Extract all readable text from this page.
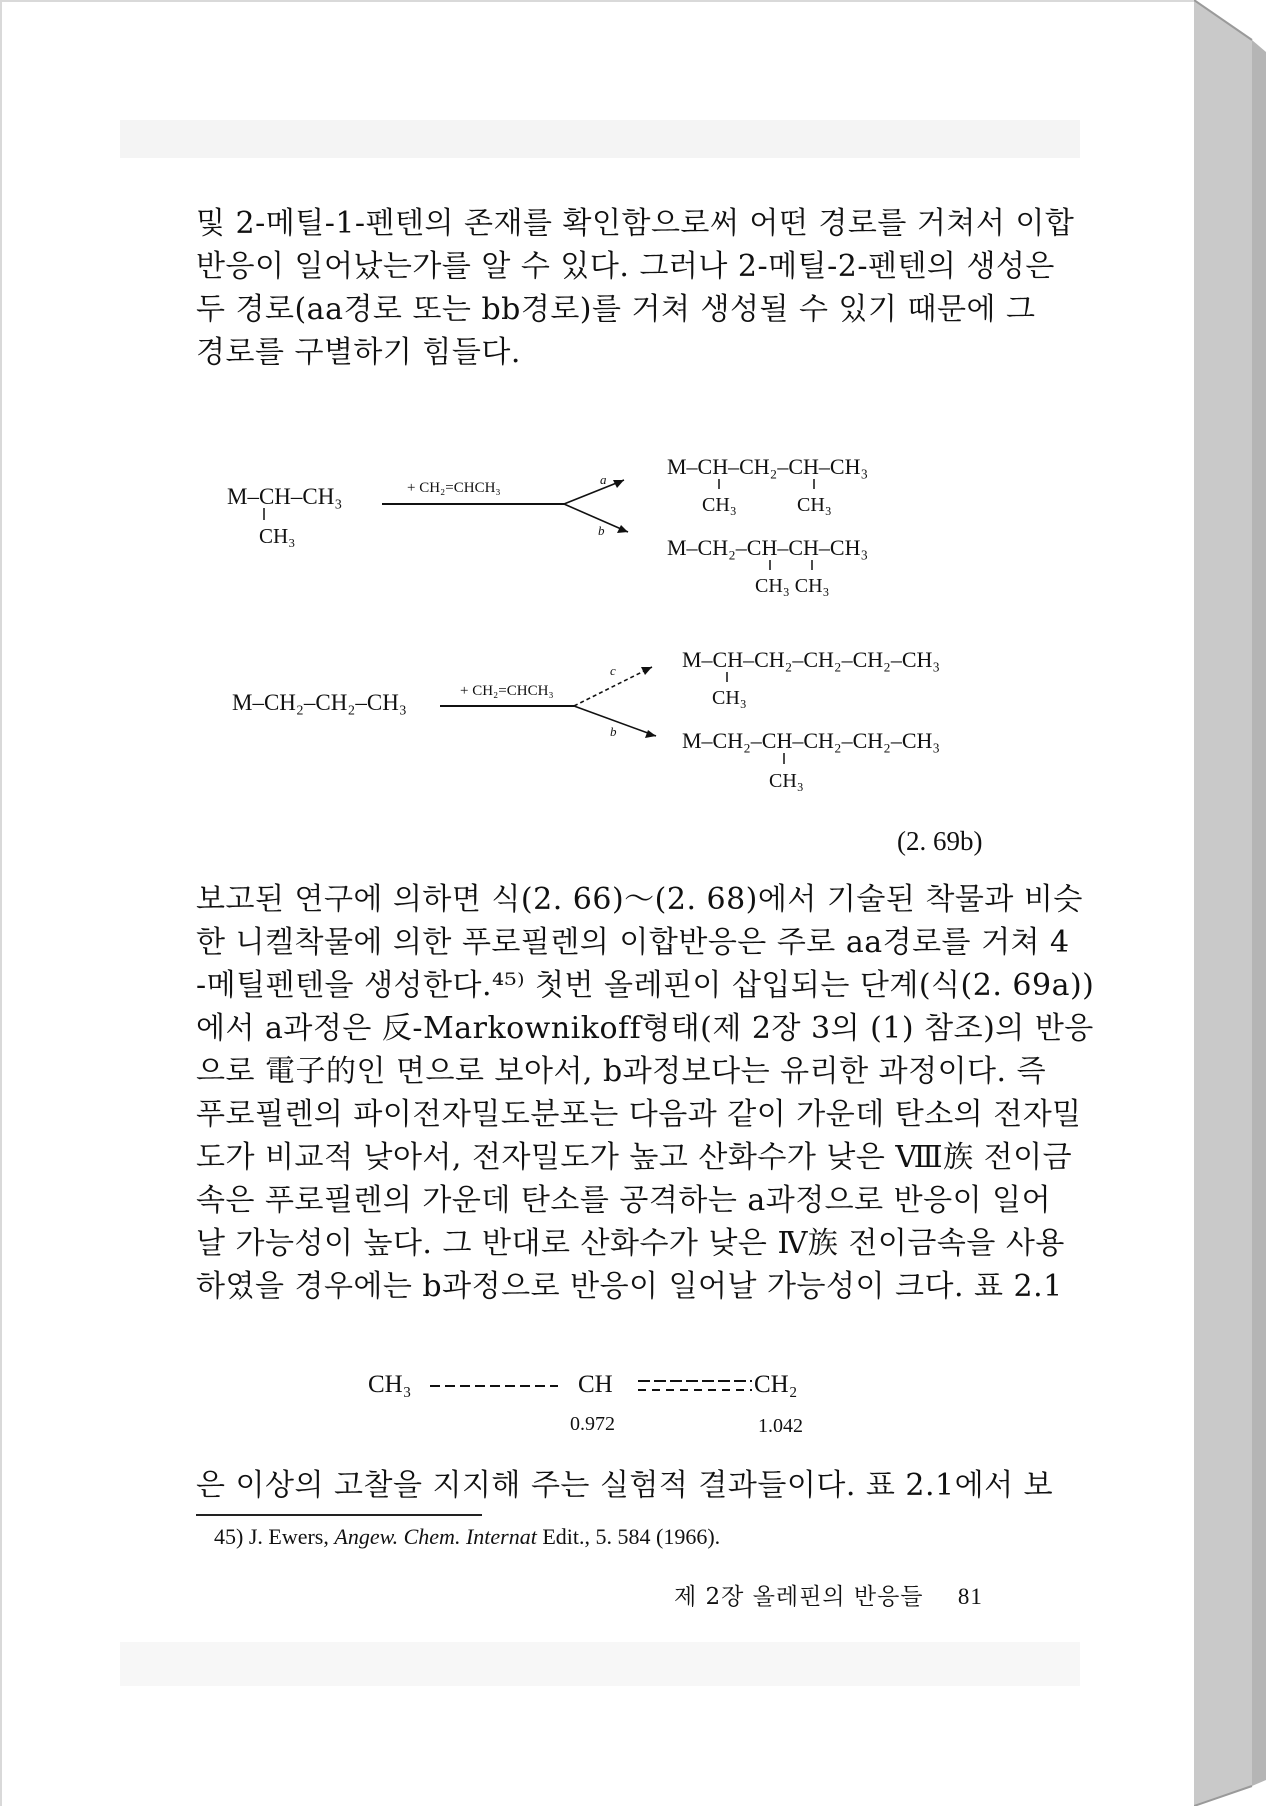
및 2-메틸-1-펜텐의 존재를 확인함으로써 어떤 경로를 거쳐서 이합
반응이 일어났는가를 알 수 있다. 그러나 2-메틸-2-펜텐의 생성은
두 경로(aa경로 또는 bb경로)를 거쳐 생성될 수 있기 때문에 그
경로를 구별하기 힘들다.
M–CH–CH₃
CH₃
+ CH₂=CHCH₃
a
b
M–CH–CH₂–CH–CH₃
CH₃	CH₃
M–CH₂–CH–CH–CH₃
CH₃ CH₃
M–CH₂–CH₂–CH₃	+ CH₂=CHCH₃
c
b
M–CH–CH₂–CH₂–CH₂–CH₃
CH₃
M–CH₂–CH–CH₂–CH₂–CH₃
CH₃
(2. 69b)
보고된 연구에 의하면 식(2. 66)～(2. 68)에서 기술된 착물과 비슷
한 니켈착물에 의한 푸로필렌의 이합반응은 주로 aa경로를 거쳐 4
-메틸펜텐을 생성한다.⁴⁵⁾ 첫번 올레핀이 삽입되는 단계(식(2. 69a))
에서 a과정은 反-Markownikoff형태(제 2장 3의 (1) 참조)의 반응
으로 電子的인 면으로 보아서, b과정보다는 유리한 과정이다. 즉
푸로필렌의 파이전자밀도분포는 다음과 같이 가운데 탄소의 전자밀
도가 비교적 낮아서, 전자밀도가 높고 산화수가 낮은 Ⅷ族 전이금
속은 푸로필렌의 가운데 탄소를 공격하는 a과정으로 반응이 일어
날 가능성이 높다. 그 반대로 산화수가 낮은 Ⅳ族 전이금속을 사용
하였을 경우에는 b과정으로 반응이 일어날 가능성이 크다. 표 2.1
CH₃	CH	CH₂
0.972	1.042
은 이상의 고찰을 지지해 주는 실험적 결과들이다. 표 2.1에서 보
45) J. Ewers, Angew. Chem. Internat Edit., 5. 584 (1966).
제 2장 올레핀의 반응들 81
